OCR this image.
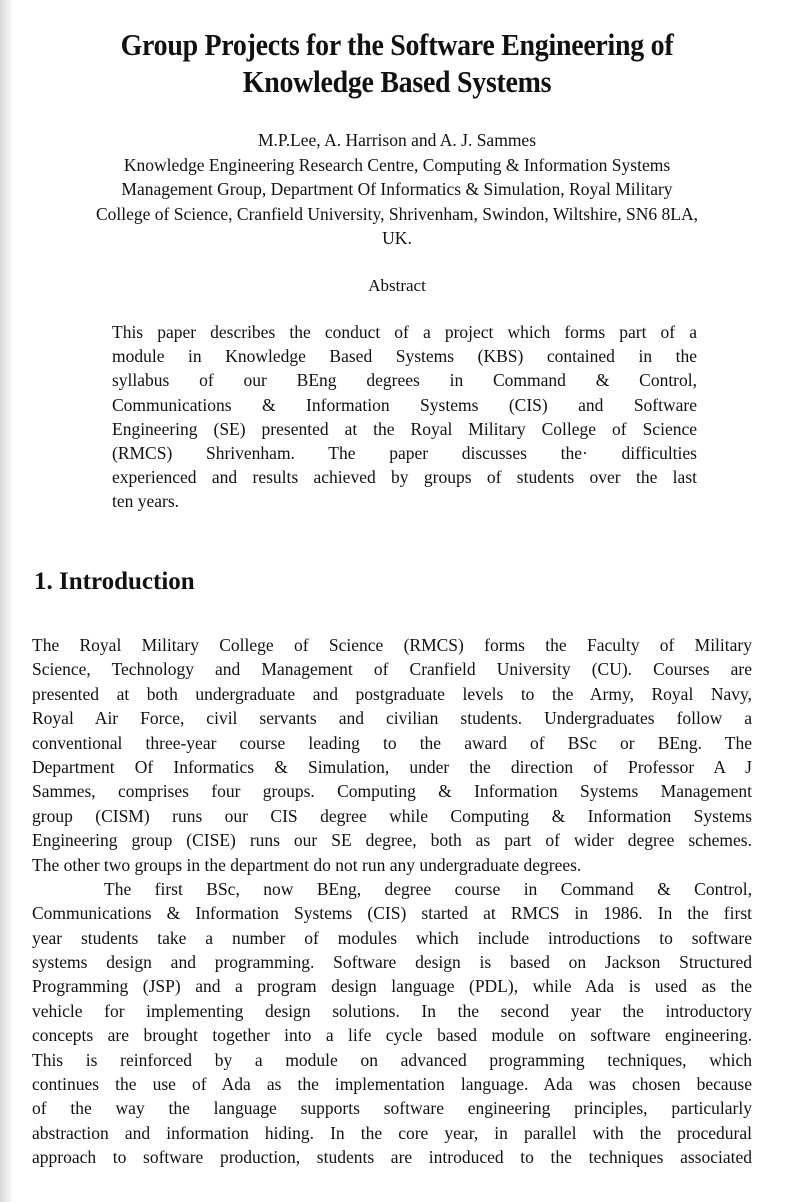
Group Projects for the Software Engineering of
Knowledge Based Systems
M.P.Lee, A. Harrison and A. J. Sammes
Knowledge Engineering Research Centre, Computing & Information Systems
Management Group, Department Of Informatics & Simulation, Royal Military
College of Science, Cranfield University, Shrivenham, Swindon, Wiltshire, SN6 8LA,
UK.
Abstract
This paper describes the conduct of a project which forms part of a
module in Knowledge Based Systems (KBS) contained in the
syllabus of our BEng degrees in Command & Control,
Communications & Information Systems (CIS) and Software
Engineering (SE) presented at the Royal Military College of Science
(RMCS) Shrivenham. The paper discusses the· difficulties
experienced and results achieved by groups of students over the last
ten years.
1. Introduction
The Royal Military College of Science (RMCS) forms the Faculty of Military
Science, Technology and Management of Cranfield University (CU). Courses are
presented at both undergraduate and postgraduate levels to the Army, Royal Navy,
Royal Air Force, civil servants and civilian students. Undergraduates follow a
conventional three-year course leading to the award of BSc or BEng. The
Department Of Informatics & Simulation, under the direction of Professor A J
Sammes, comprises four groups. Computing & Information Systems Management
group (CISM) runs our CIS degree while Computing & Information Systems
Engineering group (CISE) runs our SE degree, both as part of wider degree schemes.
The other two groups in the department do not run any undergraduate degrees.
The first BSc, now BEng, degree course in Command & Control,
Communications & Information Systems (CIS) started at RMCS in 1986. In the first
year students take a number of modules which include introductions to software
systems design and programming. Software design is based on Jackson Structured
Programming (JSP) and a program design language (PDL), while Ada is used as the
vehicle for implementing design solutions. In the second year the introductory
concepts are brought together into a life cycle based module on software engineering.
This is reinforced by a module on advanced programming techniques, which
continues the use of Ada as the implementation language. Ada was chosen because
of the way the language supports software engineering principles, particularly
abstraction and information hiding. In the core year, in parallel with the procedural
approach to software production, students are introduced to the techniques associated
